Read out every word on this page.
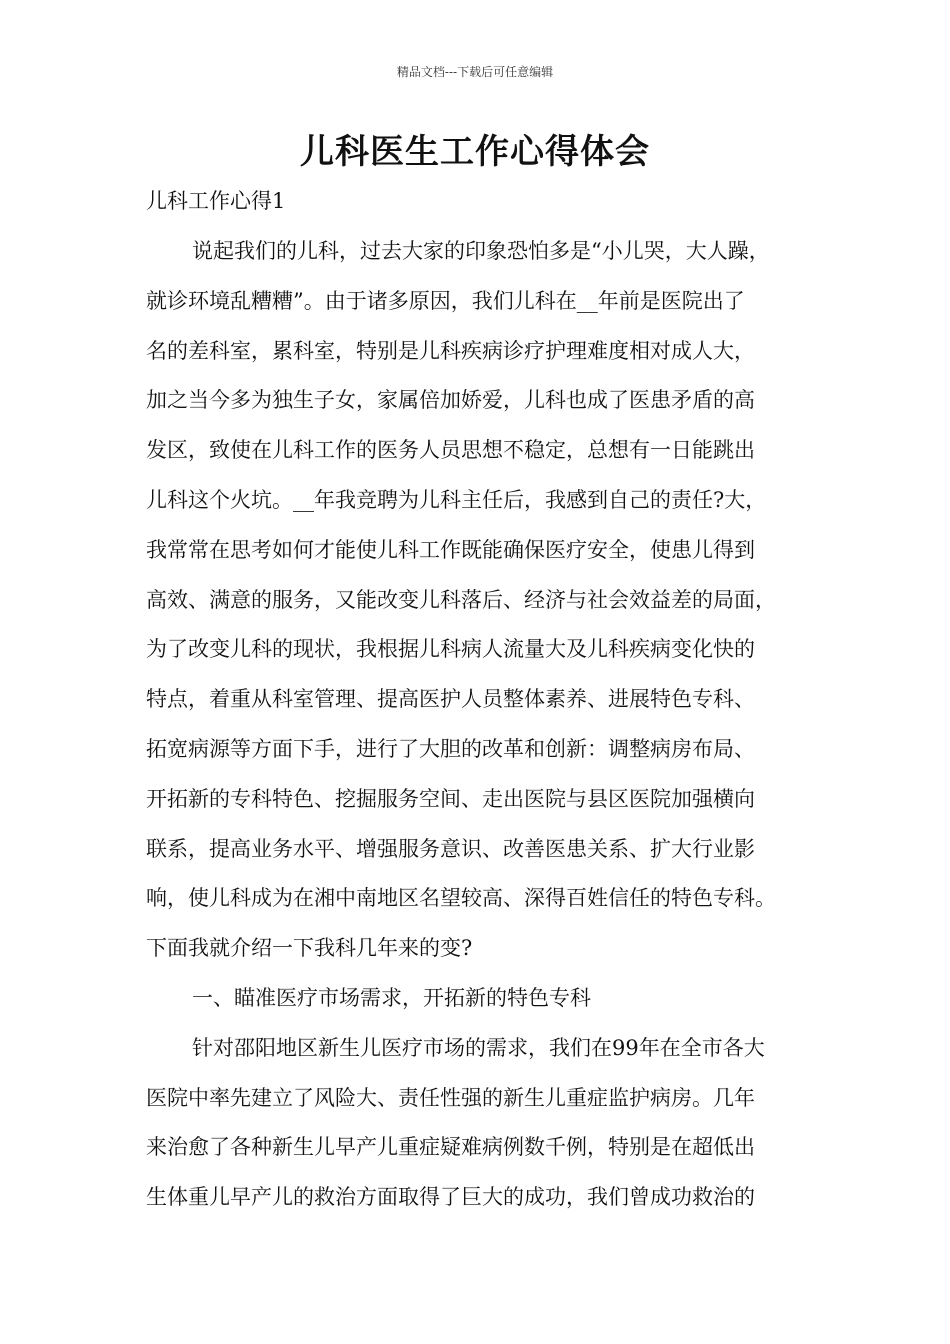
精品文档---下载后可任意编辑
儿科医生工作心得体会
儿科工作心得1
说起我们的儿科，过去大家的印象恐怕多是“小儿哭，大人躁，
就诊环境乱糟糟”。由于诸多原因，我们儿科在__年前是医院出了
名的差科室，累科室，特别是儿科疾病诊疗护理难度相对成人大，
加之当今多为独生子女，家属倍加娇爱，儿科也成了医患矛盾的高
发区，致使在儿科工作的医务人员思想不稳定，总想有一日能跳出
儿科这个火坑。__年我竞聘为儿科主任后，我感到自己的责任?大，
我常常在思考如何才能使儿科工作既能确保医疗安全，使患儿得到
高效、满意的服务，又能改变儿科落后、经济与社会效益差的局面，
为了改变儿科的现状，我根据儿科病人流量大及儿科疾病变化快的
特点，着重从科室管理、提高医护人员整体素养、进展特色专科、
拓宽病源等方面下手，进行了大胆的改革和创新：调整病房布局、
开拓新的专科特色、挖掘服务空间、走出医院与县区医院加强横向
联系，提高业务水平、增强服务意识、改善医患关系、扩大行业影
响，使儿科成为在湘中南地区名望较高、深得百姓信任的特色专科。
下面我就介绍一下我科几年来的变?
一、瞄准医疗市场需求，开拓新的特色专科
针对邵阳地区新生儿医疗市场的需求，我们在99年在全市各大
医院中率先建立了风险大、责任性强的新生儿重症监护病房。几年
来治愈了各种新生儿早产儿重症疑难病例数千例，特别是在超低出
生体重儿早产儿的救治方面取得了巨大的成功，我们曾成功救治的
